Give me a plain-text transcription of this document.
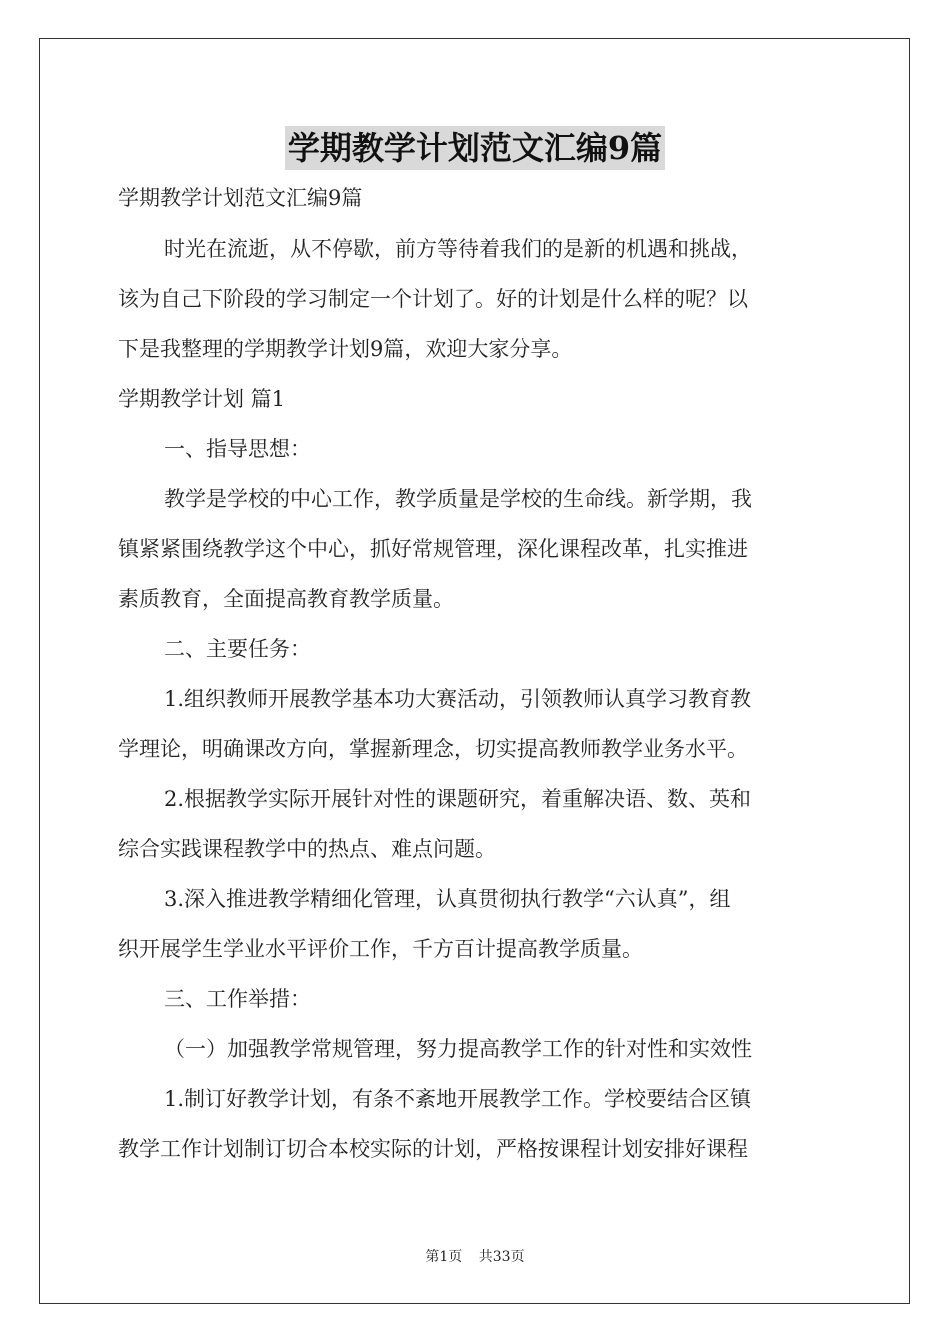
学期教学计划范文汇编9篇
学期教学计划范文汇编9篇
时光在流逝，从不停歇，前方等待着我们的是新的机遇和挑战，
该为自己下阶段的学习制定一个计划了。好的计划是什么样的呢？以
下是我整理的学期教学计划9篇，欢迎大家分享。
学期教学计划 篇1
一、指导思想：
教学是学校的中心工作，教学质量是学校的生命线。新学期，我
镇紧紧围绕教学这个中心，抓好常规管理，深化课程改革，扎实推进
素质教育，全面提高教育教学质量。
二、主要任务：
1.组织教师开展教学基本功大赛活动，引领教师认真学习教育教
学理论，明确课改方向，掌握新理念，切实提高教师教学业务水平。
2.根据教学实际开展针对性的课题研究，着重解决语、数、英和
综合实践课程教学中的热点、难点问题。
3.深入推进教学精细化管理，认真贯彻执行教学“六认真”，组
织开展学生学业水平评价工作，千方百计提高教学质量。
三、工作举措：
（一）加强教学常规管理，努力提高教学工作的针对性和实效性
1.制订好教学计划，有条不紊地开展教学工作。学校要结合区镇
教学工作计划制订切合本校实际的计划，严格按课程计划安排好课程
第1页 共33页
